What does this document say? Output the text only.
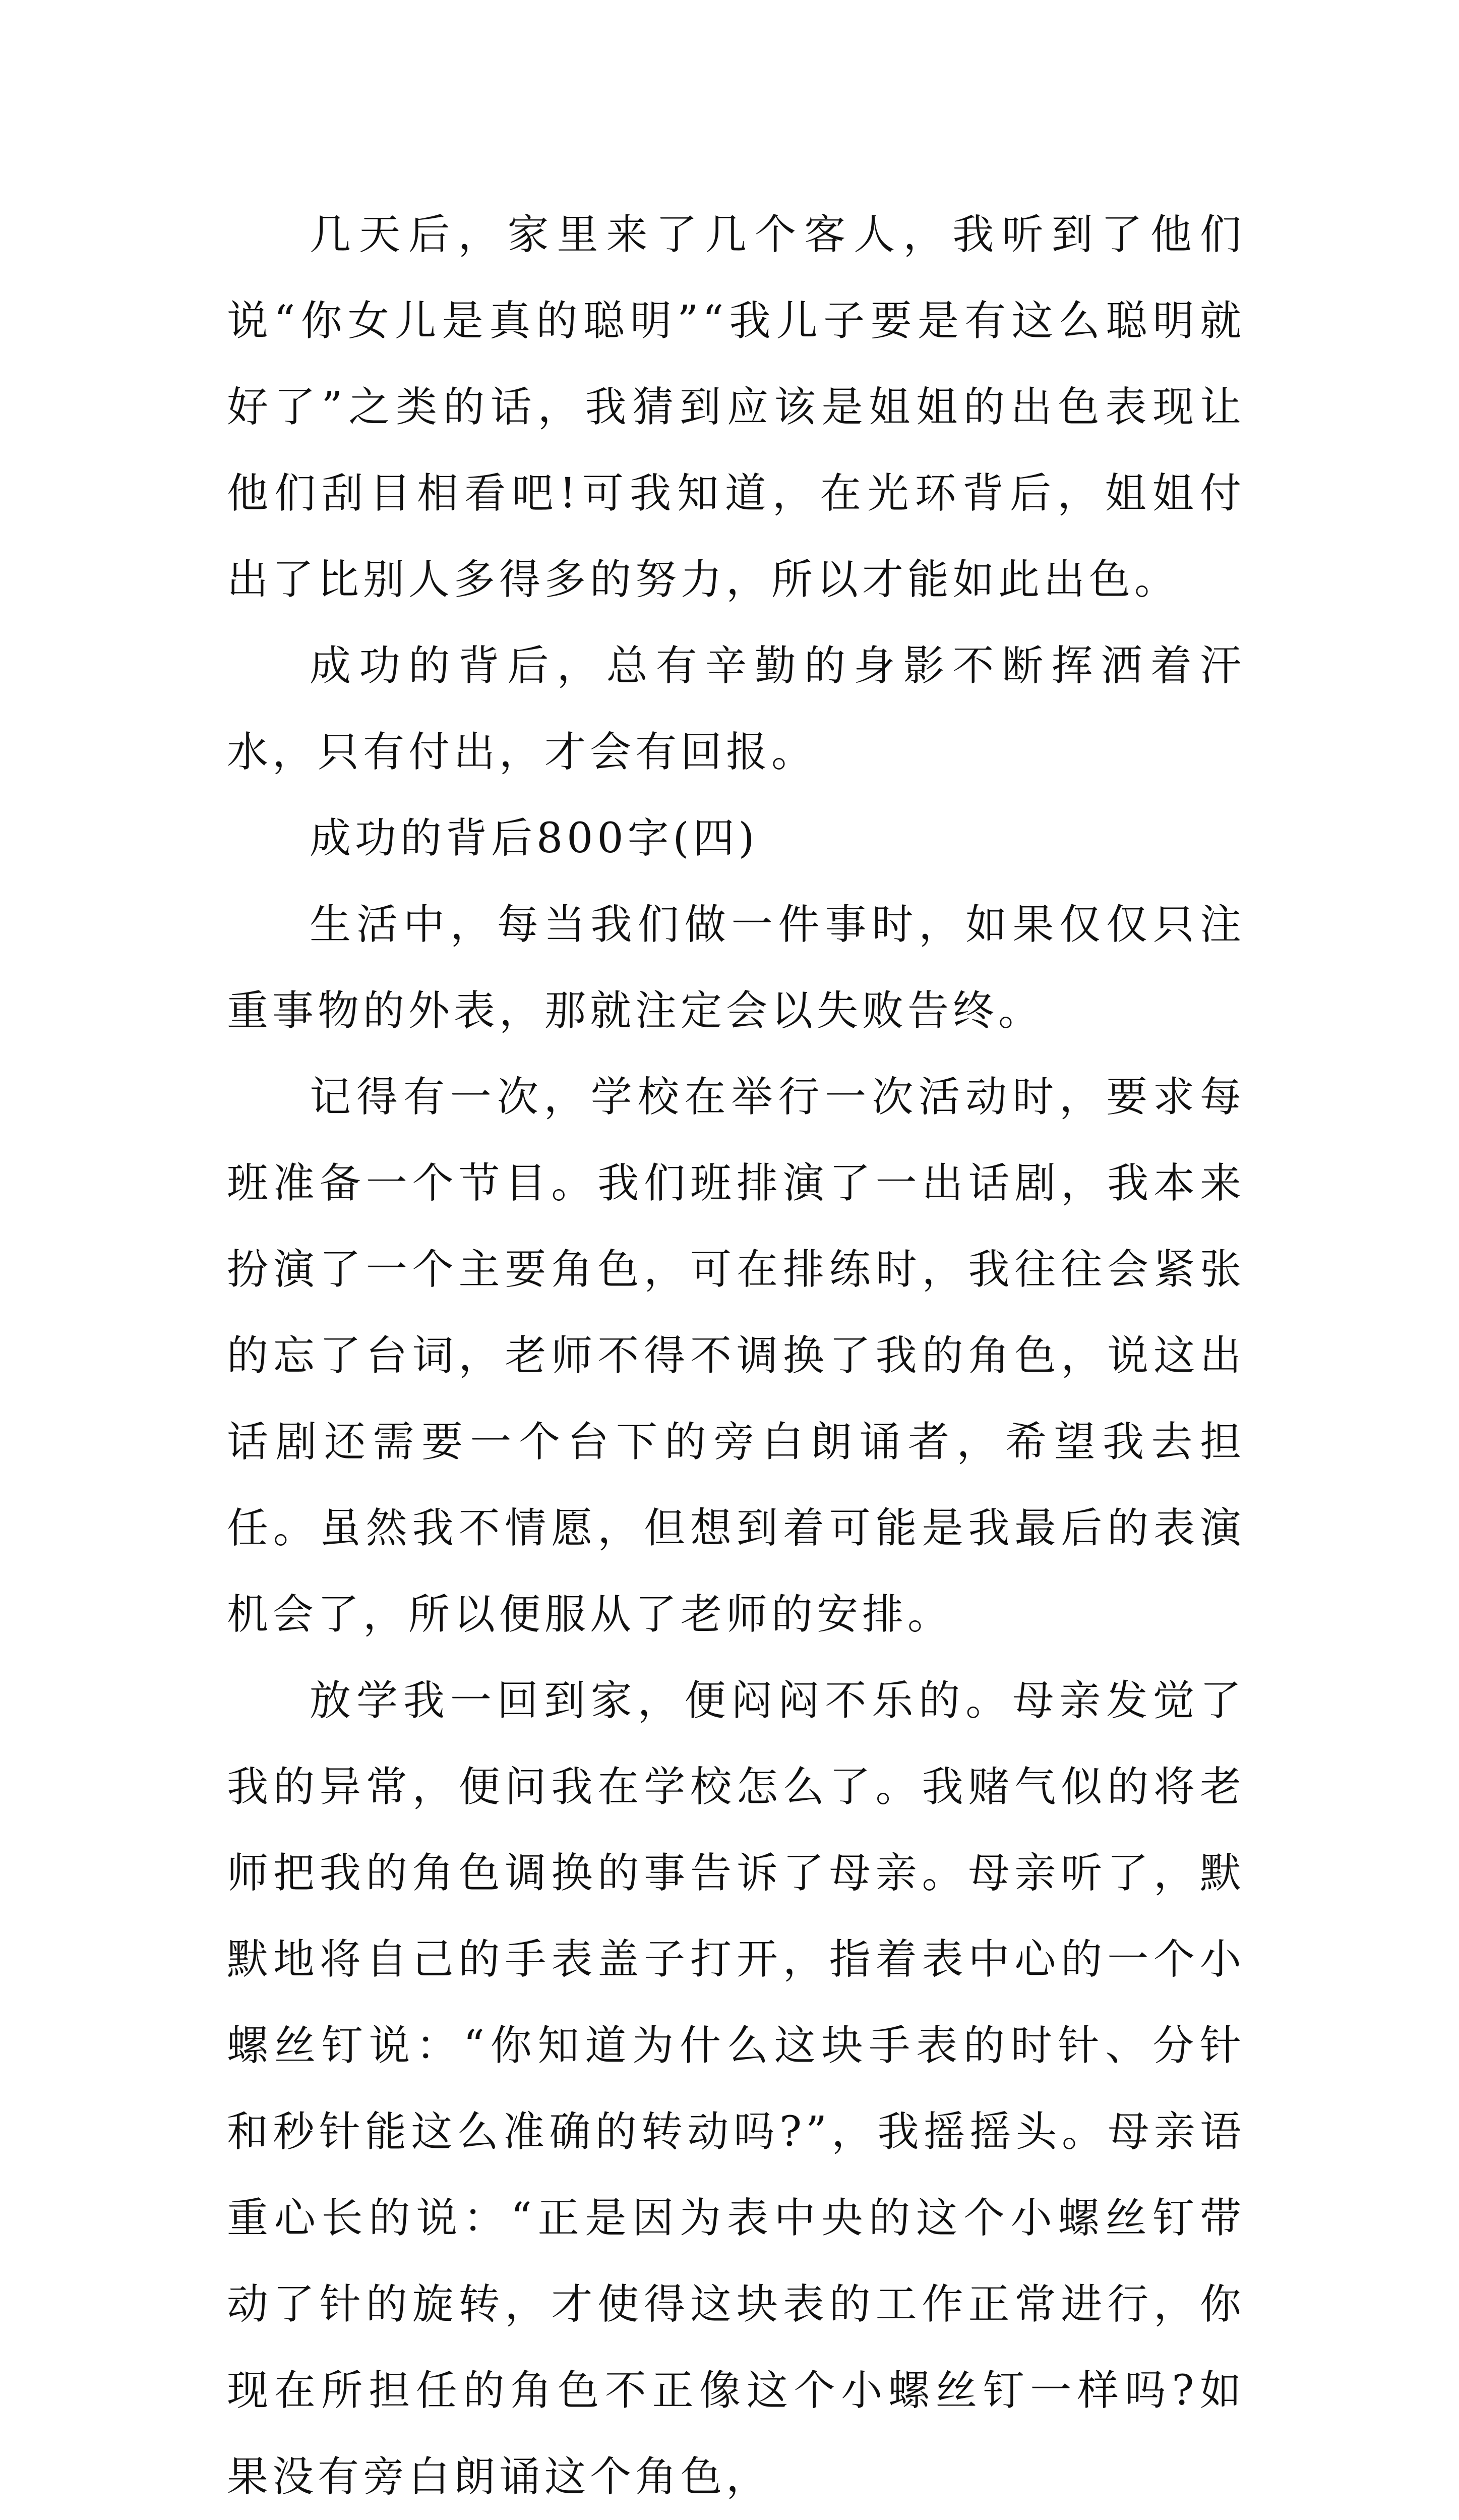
几天后，家里来了几个客人，我听到了他们说“你女儿是真的聪明”“我儿子要是有这么聪明就好了”之类的话，我猜到应该是姐姐的出色表现让他们刮目相看吧!可我知道，在光环背后，姐姐付出了比别人多得多的努力，所以才能如此出色。

成功的背后，总有辛勤的身影不断挥洒着汗水，只有付出，才会有回报。

成功的背后800字(四)

生活中，每当我们做一件事时，如果仅仅只注重事物的外表，那就注定会以失败告终。

记得有一次，学校在举行一次活动时，要求每班准备一个节目。我们班排演了一出话剧，我本来扮演了一个主要角色，可在排练时，我往往会紧张的忘了台词，老师不得不调换了我的角色，说这出话剧还需要一个台下的旁白朗诵者，希望我去担任。虽然我不情愿，但想到着可能是我最后的表演机会了，所以便服从了老师的安排。

放学我一回到家，便闷闷不乐的。母亲发觉了我的异常，便问我在学校怎么了。我赌气似的将老师把我的角色调换的事告诉了母亲。母亲听了，默默地将自己的手表盖子打开，指着表中心的一个小螺丝钉说：“你知道为什么这块手表的时针、分针和秒针能这么准确的转动吗?”，我摇摇头。母亲语重心长的说：“正是因为表中央的这个小螺丝钉带动了针的旋转，才使得这块表的工作正常进行，你现在所担任的角色不正像这个小螺丝钉一样吗?如果没有旁白朗诵这个角色，
